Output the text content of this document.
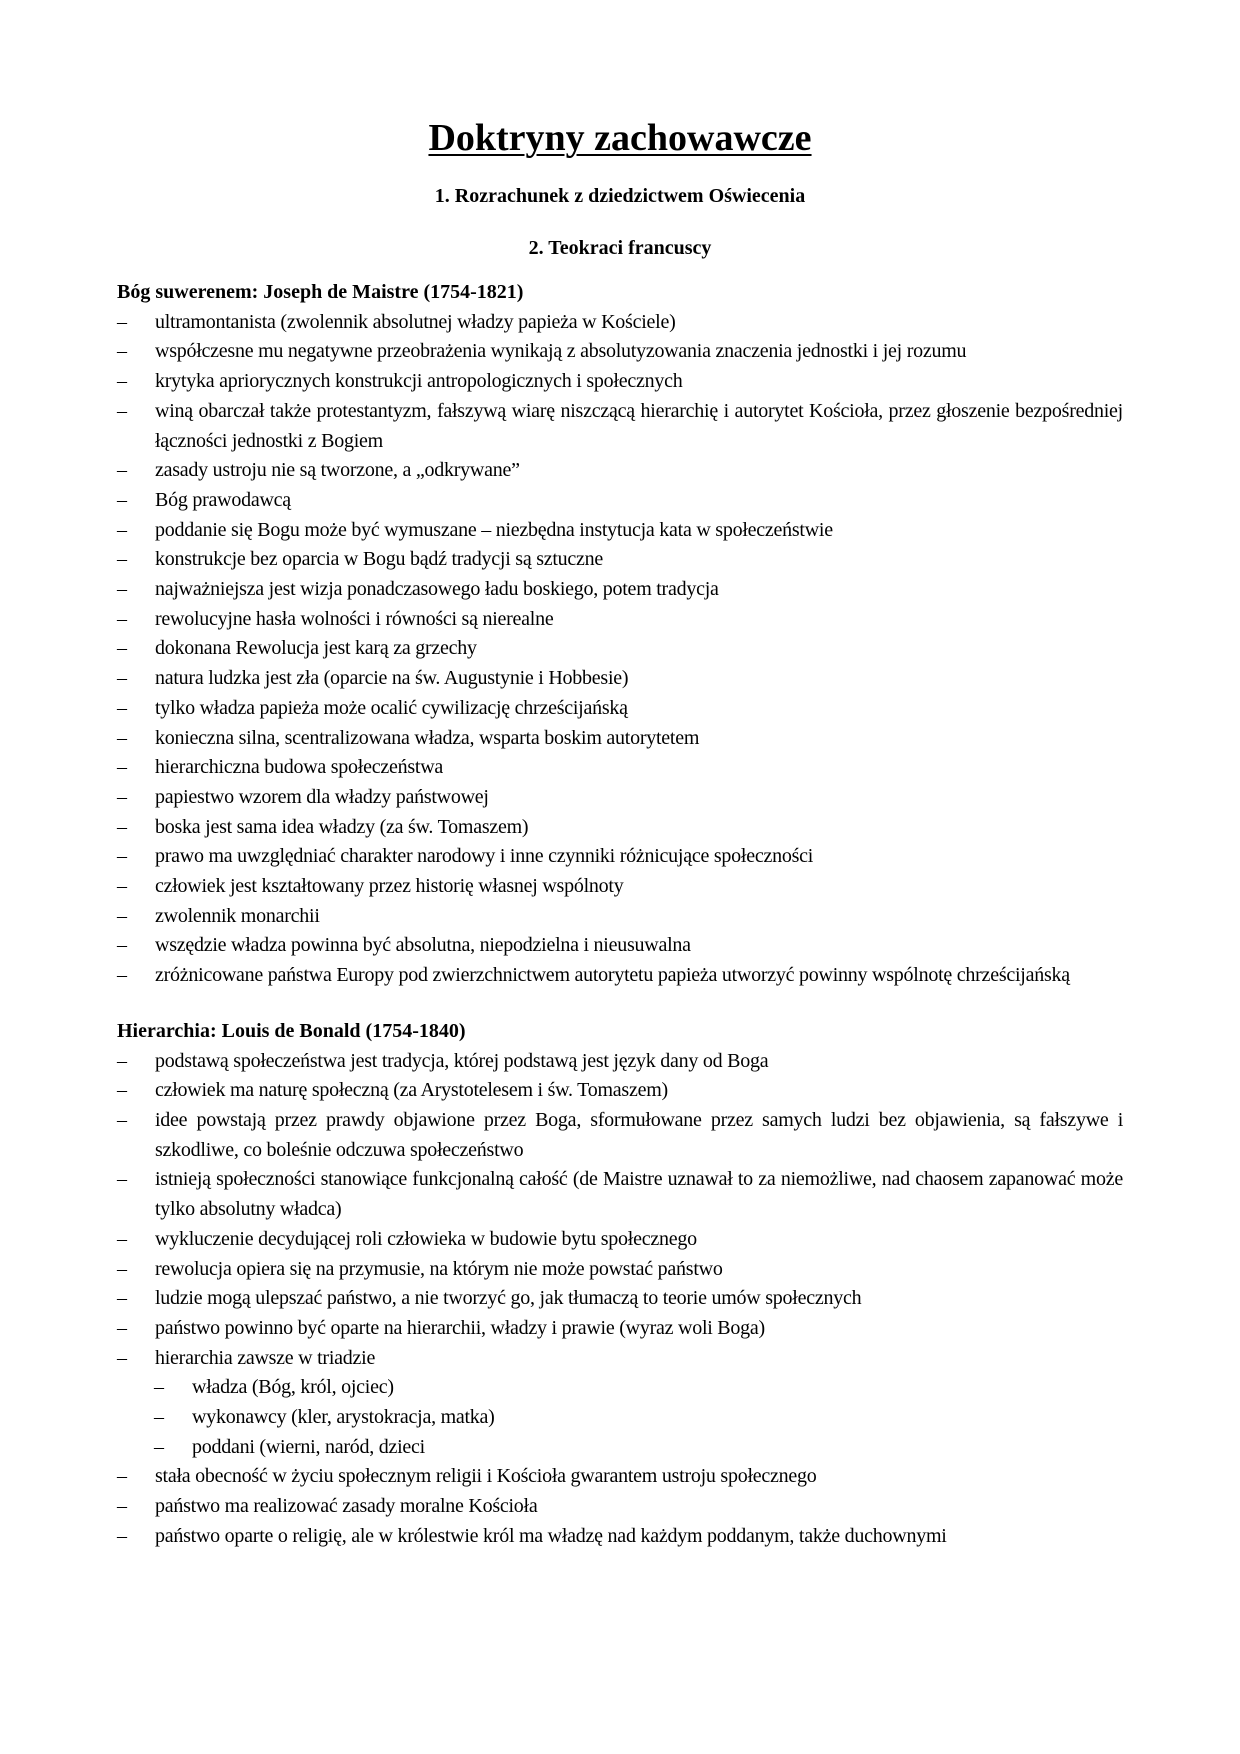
Doktryny zachowawcze

1. Rozrachunek z dziedzictwem Oświecenia

2. Teokraci francuscy

Bóg suwerenem: Joseph de Maistre (1754-1821)

– ultramontanista (zwolennik absolutnej władzy papieża w Kościele)
– współczesne mu negatywne przeobrażenia wynikają z absolutyzowania znaczenia jednostki i jej rozumu
– krytyka apriorycznych konstrukcji antropologicznych i społecznych
– winą obarczał także protestantyzm, fałszywą wiarę niszczącą hierarchię i autorytet Kościoła, przez głoszenie bezpośredniej łączności jednostki z Bogiem
– zasady ustroju nie są tworzone, a „odkrywane”
– Bóg prawodawcą
– poddanie się Bogu może być wymuszane – niezbędna instytucja kata w społeczeństwie
– konstrukcje bez oparcia w Bogu bądź tradycji są sztuczne
– najważniejsza jest wizja ponadczasowego ładu boskiego, potem tradycja
– rewolucyjne hasła wolności i równości są nierealne
– dokonana Rewolucja jest karą za grzechy
– natura ludzka jest zła (oparcie na św. Augustynie i Hobbesie)
– tylko władza papieża może ocalić cywilizację chrześcijańską
– konieczna silna, scentralizowana władza, wsparta boskim autorytetem
– hierarchiczna budowa społeczeństwa
– papiestwo wzorem dla władzy państwowej
– boska jest sama idea władzy (za św. Tomaszem)
– prawo ma uwzględniać charakter narodowy i inne czynniki różnicujące społeczności
– człowiek jest kształtowany przez historię własnej wspólnoty
– zwolennik monarchii
– wszędzie władza powinna być absolutna, niepodzielna i nieusuwalna
– zróżnicowane państwa Europy pod zwierzchnictwem autorytetu papieża utworzyć powinny wspólnotę chrześcijańską

Hierarchia: Louis de Bonald (1754-1840)

– podstawą społeczeństwa jest tradycja, której podstawą jest język dany od Boga
– człowiek ma naturę społeczną (za Arystotelesem i św. Tomaszem)
– idee powstają przez prawdy objawione przez Boga, sformułowane przez samych ludzi bez objawienia, są fałszywe i szkodliwe, co boleśnie odczuwa społeczeństwo
– istnieją społeczności stanowiące funkcjonalną całość (de Maistre uznawał to za niemożliwe, nad chaosem zapanować może tylko absolutny władca)
– wykluczenie decydującej roli człowieka w budowie bytu społecznego
– rewolucja opiera się na przymusie, na którym nie może powstać państwo
– ludzie mogą ulepszać państwo, a nie tworzyć go, jak tłumaczą to teorie umów społecznych
– państwo powinno być oparte na hierarchii, władzy i prawie (wyraz woli Boga)
– hierarchia zawsze w triadzie
– władza (Bóg, król, ojciec)
– wykonawcy (kler, arystokracja, matka)
– poddani (wierni, naród, dzieci
– stała obecność w życiu społecznym religii i Kościoła gwarantem ustroju społecznego
– państwo ma realizować zasady moralne Kościoła
– państwo oparte o religię, ale w królestwie król ma władzę nad każdym poddanym, także duchownymi
